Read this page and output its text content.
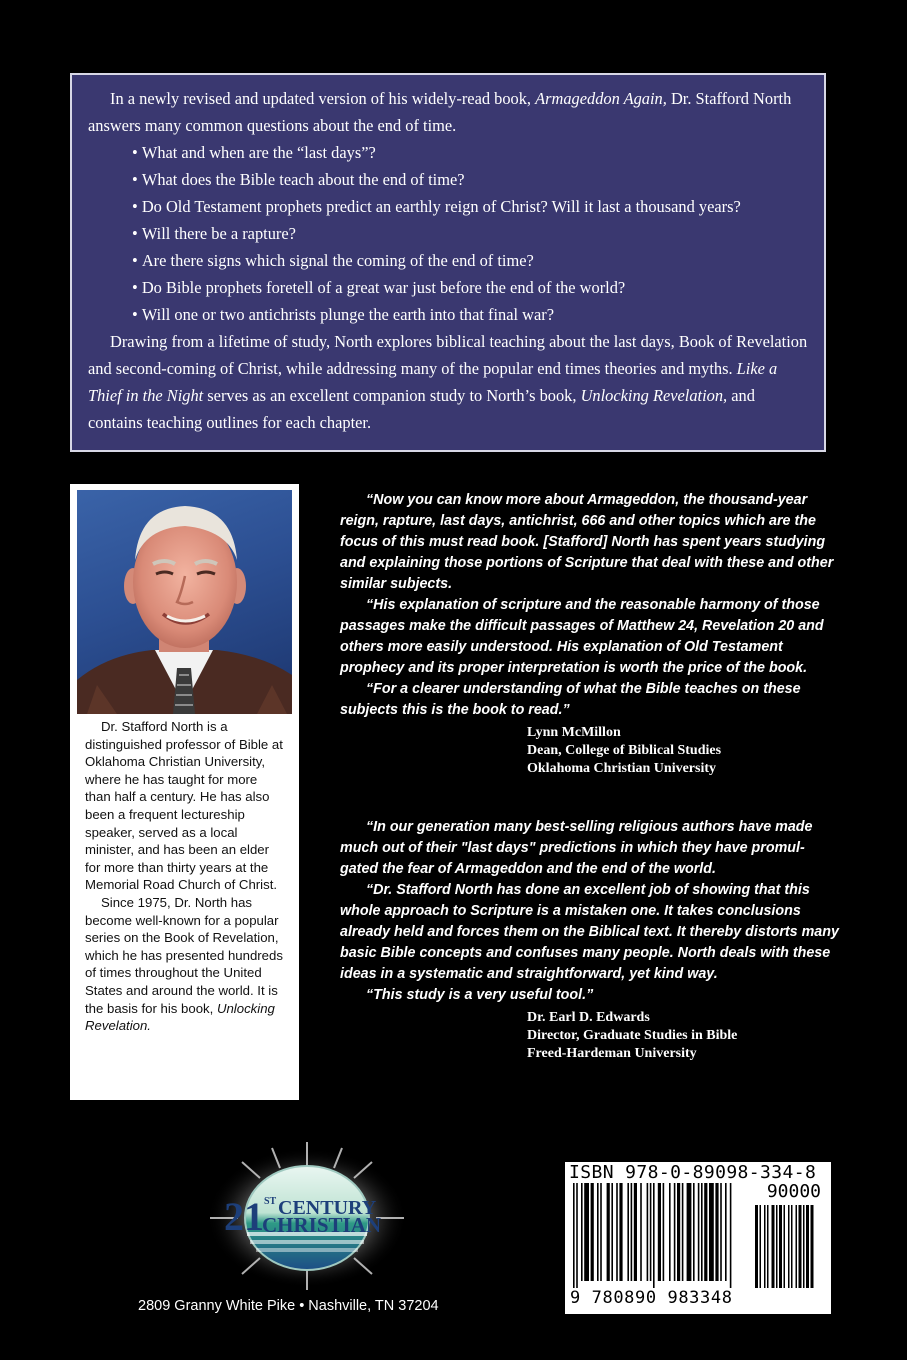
In a newly revised and updated version of his widely-read book, Armageddon Again, Dr. Stafford North answers many common questions about the end of time.

• What and when are the “last days”?
• What does the Bible teach about the end of time?
• Do Old Testament prophets predict an earthly reign of Christ? Will it last a thousand years?
• Will there be a rapture?
• Are there signs which signal the coming of the end of time?
• Do Bible prophets foretell of a great war just before the end of the world?
• Will one or two antichrists plunge the earth into that final war?

Drawing from a lifetime of study, North explores biblical teaching about the last days, Book of Revelation and second-coming of Christ, while addressing many of the popular end times theories and myths. Like a Thief in the Night serves as an excellent companion study to North’s book, Unlocking Revelation, and contains teaching outlines for each chapter.

Dr. Stafford North is a distinguished professor of Bible at Oklahoma Christian University, where he has taught for more than half a century. He has also been a frequent lectureship speaker, served as a local minister, and has been an elder for more than thirty years at the Memorial Road Church of Christ.

Since 1975, Dr. North has become well-known for a popular series on the Book of Revelation, which he has presented hundreds of times throughout the United States and around the world. It is the basis for his book, Unlocking Revelation.

“Now you can know more about Armageddon, the thousand-year reign, rapture, last days, antichrist, 666 and other topics which are the focus of this must read book. [Stafford] North has spent years studying and explaining those portions of Scripture that deal with these and other similar subjects.

“His explanation of scripture and the reasonable harmony of those passages make the difficult passages of Matthew 24, Revelation 20 and others more easily understood. His explanation of Old Testament prophecy and its proper interpretation is worth the price of the book.

“For a clearer understanding of what the Bible teaches on these subjects this is the book to read.”

Lynn McMillon
Dean, College of Biblical Studies
Oklahoma Christian University

“In our generation many best-selling religious authors have made much out of their "last days" predictions in which they have promul-gated the fear of Armageddon and the end of the world.

“Dr. Stafford North has done an excellent job of showing that this whole approach to Scripture is a mistaken one. It takes conclusions already held and forces them on the Biblical text. It thereby distorts many basic Bible concepts and confuses many people. North deals with these ideas in a systematic and straightforward, yet kind way.

“This study is a very useful tool.”

Dr. Earl D. Edwards
Director, Graduate Studies in Bible
Freed-Hardeman University
21 ST CENTURY
CHRISTIAN
2809 Granny White Pike • Nashville, TN 37204
ISBN 978-0-89098-334-8
90000
9 780890 983348
